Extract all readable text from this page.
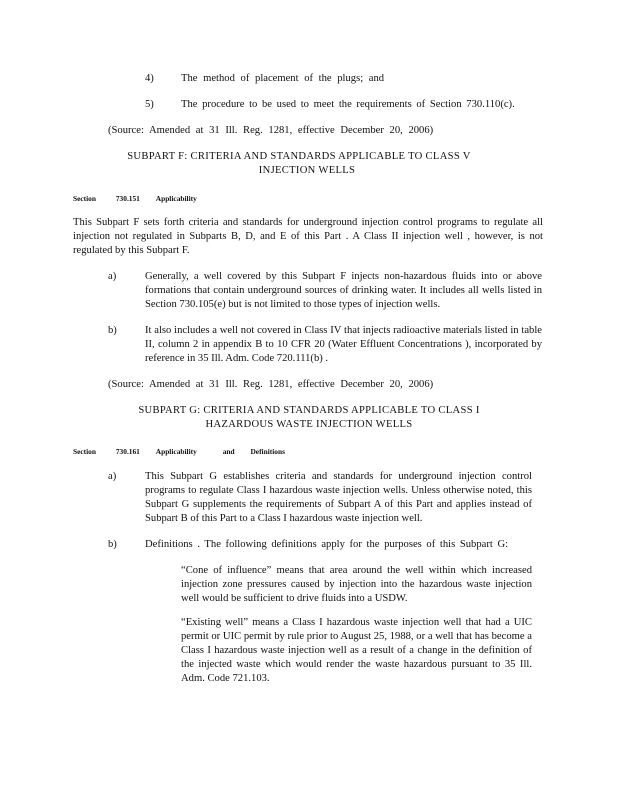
4)	The method of placement of the plugs; and
5)	The procedure to be used to meet the requirements of Section 730.110(c).
(Source: Amended at 31 Ill. Reg. 1281, effective December 20, 2006)
SUBPART F: CRITERIA AND STANDARDS APPLICABLE TO CLASS V
INJECTION WELLS
Section	730.151 Applicability
This Subpart F sets forth criteria and standards for underground injection control programs to regulate all injection not regulated in Subparts B, D, and E of this Part . A Class II injection well , however, is not regulated by this Subpart F.
a)	Generally, a well covered by this Subpart F injects non-hazardous fluids into or above formations that contain underground sources of drinking water. It includes all wells listed in Section 730.105(e) but is not limited to those types of injection wells.
b)	It also includes a well not covered in Class IV that injects radioactive materials listed in table II, column 2 in appendix B to 10 CFR 20 (Water Effluent Concentrations ), incorporated by reference in 35 Ill. Adm. Code 720.111(b) .
(Source: Amended at 31 Ill. Reg. 1281, effective December 20, 2006)
SUBPART G: CRITERIA AND STANDARDS APPLICABLE TO CLASS I
HAZARDOUS WASTE INJECTION WELLS
Section	730.161 Applicability	and Definitions
a)	This Subpart G establishes criteria and standards for underground injection control programs to regulate Class I hazardous waste injection wells. Unless otherwise noted, this Subpart G supplements the requirements of Subpart A of this Part and applies instead of Subpart B of this Part to a Class I hazardous waste injection well.
b)	Definitions . The following definitions apply for the purposes of this Subpart G:
“Cone of influence” means that area around the well within which increased injection zone pressures caused by injection into the hazardous waste injection well would be sufficient to drive fluids into a USDW.
“Existing well” means a Class I hazardous waste injection well that had a UIC permit or UIC permit by rule prior to August 25, 1988, or a well that has become a Class I hazardous waste injection well as a result of a change in the definition of the injected waste which would render the waste hazardous pursuant to 35 Ill. Adm. Code 721.103.
